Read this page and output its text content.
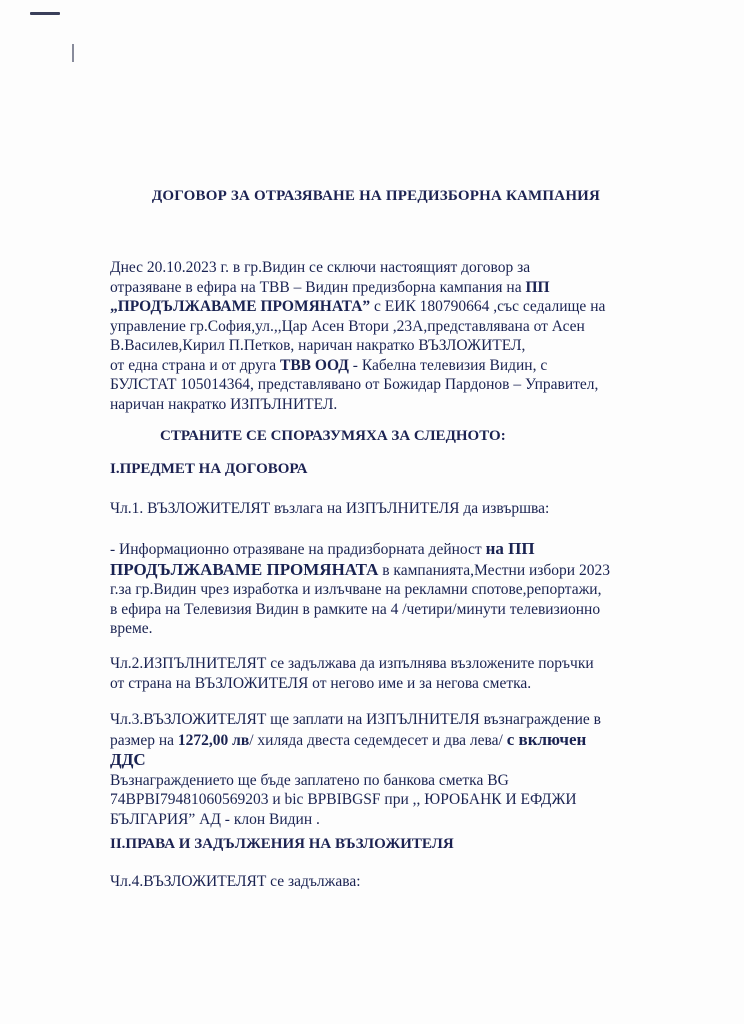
ДОГОВОР ЗА ОТРАЗЯВАНЕ НА ПРЕДИЗБОРНА КАМПАНИЯ

Днес 20.10.2023 г. в гр.Видин се сключи настоящият договор за

отразяване в ефира на ТВВ – Видин предизборна кампания на ПП

„ПРОДЪЛЖАВАМЕ ПРОМЯНАТА” с ЕИК 180790664 ,със седалище на

управление гр.София,ул.,,Цар Асен Втори ,23А,представлявана от Асен

В.Василев,Кирил П.Петков, наричан накратко ВЪЗЛОЖИТЕЛ,

от една страна и от друга ТВВ ООД - Кабелна телевизия Видин, с

БУЛСТАТ 105014364, представлявано от Божидар Пардонов – Управител,

наричан накратко ИЗПЪЛНИТЕЛ.

СТРАНИТЕ СЕ СПОРАЗУМЯХА ЗА СЛЕДНОТО:
I.ПРЕДМЕТ НА ДОГОВОРА

Чл.1. ВЪЗЛОЖИТЕЛЯТ възлага на ИЗПЪЛНИТЕЛЯ да извършва:

- Информационно отразяване на прадизборната дейност на ПП

ПРОДЪЛЖАВАМЕ ПРОМЯНАТА в кампанията,Местни избори 2023

г.за гр.Видин чрез изработка и излъчване на рекламни спотове,репортажи,

в ефира на Телевизия Видин в рамките на 4 /четири/минути телевизионно

време.

Чл.2.ИЗПЪЛНИТЕЛЯТ се задължава да изпълнява възложените поръчки

от страна на ВЪЗЛОЖИТЕЛЯ от негово име и за негова сметка.

Чл.3.ВЪЗЛОЖИТЕЛЯТ ще заплати на ИЗПЪЛНИТЕЛЯ възнаграждение в

размер на 1272,00 лв/ хиляда двеста седемдесет и два лева/ с включен

ДДС

Възнаграждението ще бъде заплатено по банкова сметка BG

74BPBI79481060569203 и bic BPBIBGSF при ,, ЮРОБАНК И ЕФДЖИ

БЪЛГАРИЯ” АД - клон Видин .

II.ПРАВА И ЗАДЪЛЖЕНИЯ НА ВЪЗЛОЖИТЕЛЯ

Чл.4.ВЪЗЛОЖИТЕЛЯТ се задължава:
